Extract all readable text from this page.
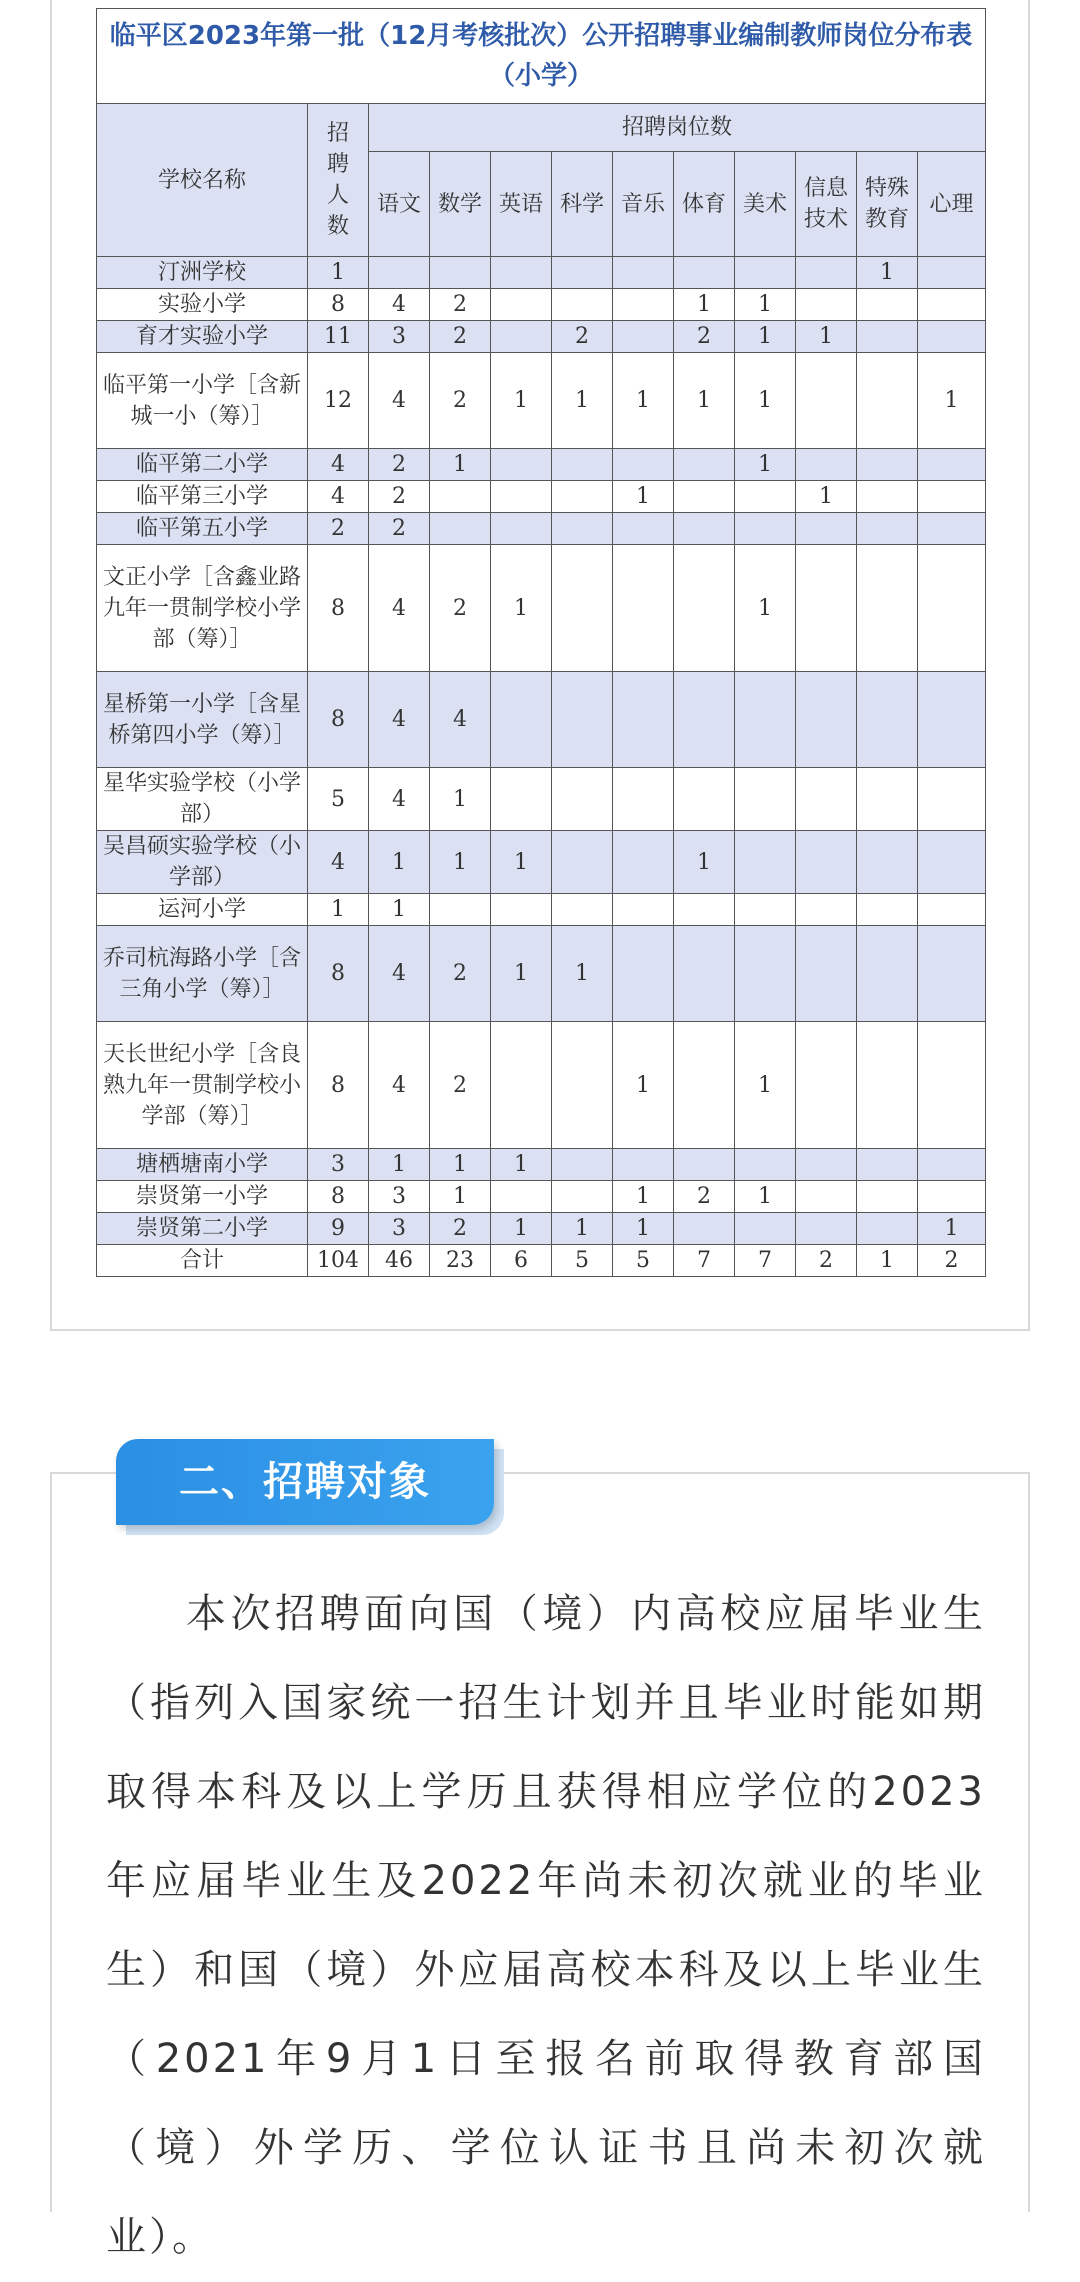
临平区2023年第一批（12月考核批次）公开招聘事业编制教师岗位分布表（小学）											
学校名称	招聘人数	招聘岗位数									
		语文	数学	英语	科学	音乐	体育	美术	信息技术	特殊教育	心理
汀洲学校	1									1	
实验小学	8	4	2				1	1			
育才实验小学	11	3	2		2		2	1	1		
临平第一小学［含新城一小（筹）］	12	4	2	1	1	1	1	1			1
临平第二小学	4	2	1					1			
临平第三小学	4	2				1			1		
临平第五小学	2	2									
文正小学［含鑫业路九年一贯制学校小学部（筹）］	8	4	2	1				1			
星桥第一小学［含星桥第四小学（筹）］	8	4	4								
星华实验学校（小学部）	5	4	1								
吴昌硕实验学校（小学部）	4	1	1	1			1				
运河小学	1	1									
乔司杭海路小学［含三角小学（筹）］	8	4	2	1	1						
天长世纪小学［含良熟九年一贯制学校小学部（筹）］	8	4	2			1		1			
塘栖塘南小学	3	1	1	1							
崇贤第一小学	8	3	1			1	2	1			
崇贤第二小学	9	3	2	1	1	1					1
合计	104	46	23	6	5	5	7	7	2	1	2
二、招聘对象

本次招聘面向国（境）内高校应届毕业生（指列入国家统一招生计划并且毕业时能如期取得本科及以上学历且获得相应学位的2023年应届毕业生及2022年尚未初次就业的毕业生）和国（境）外应届高校本科及以上毕业生（2021年9月1日至报名前取得教育部国（境）外学历、学位认证书且尚未初次就业）。
